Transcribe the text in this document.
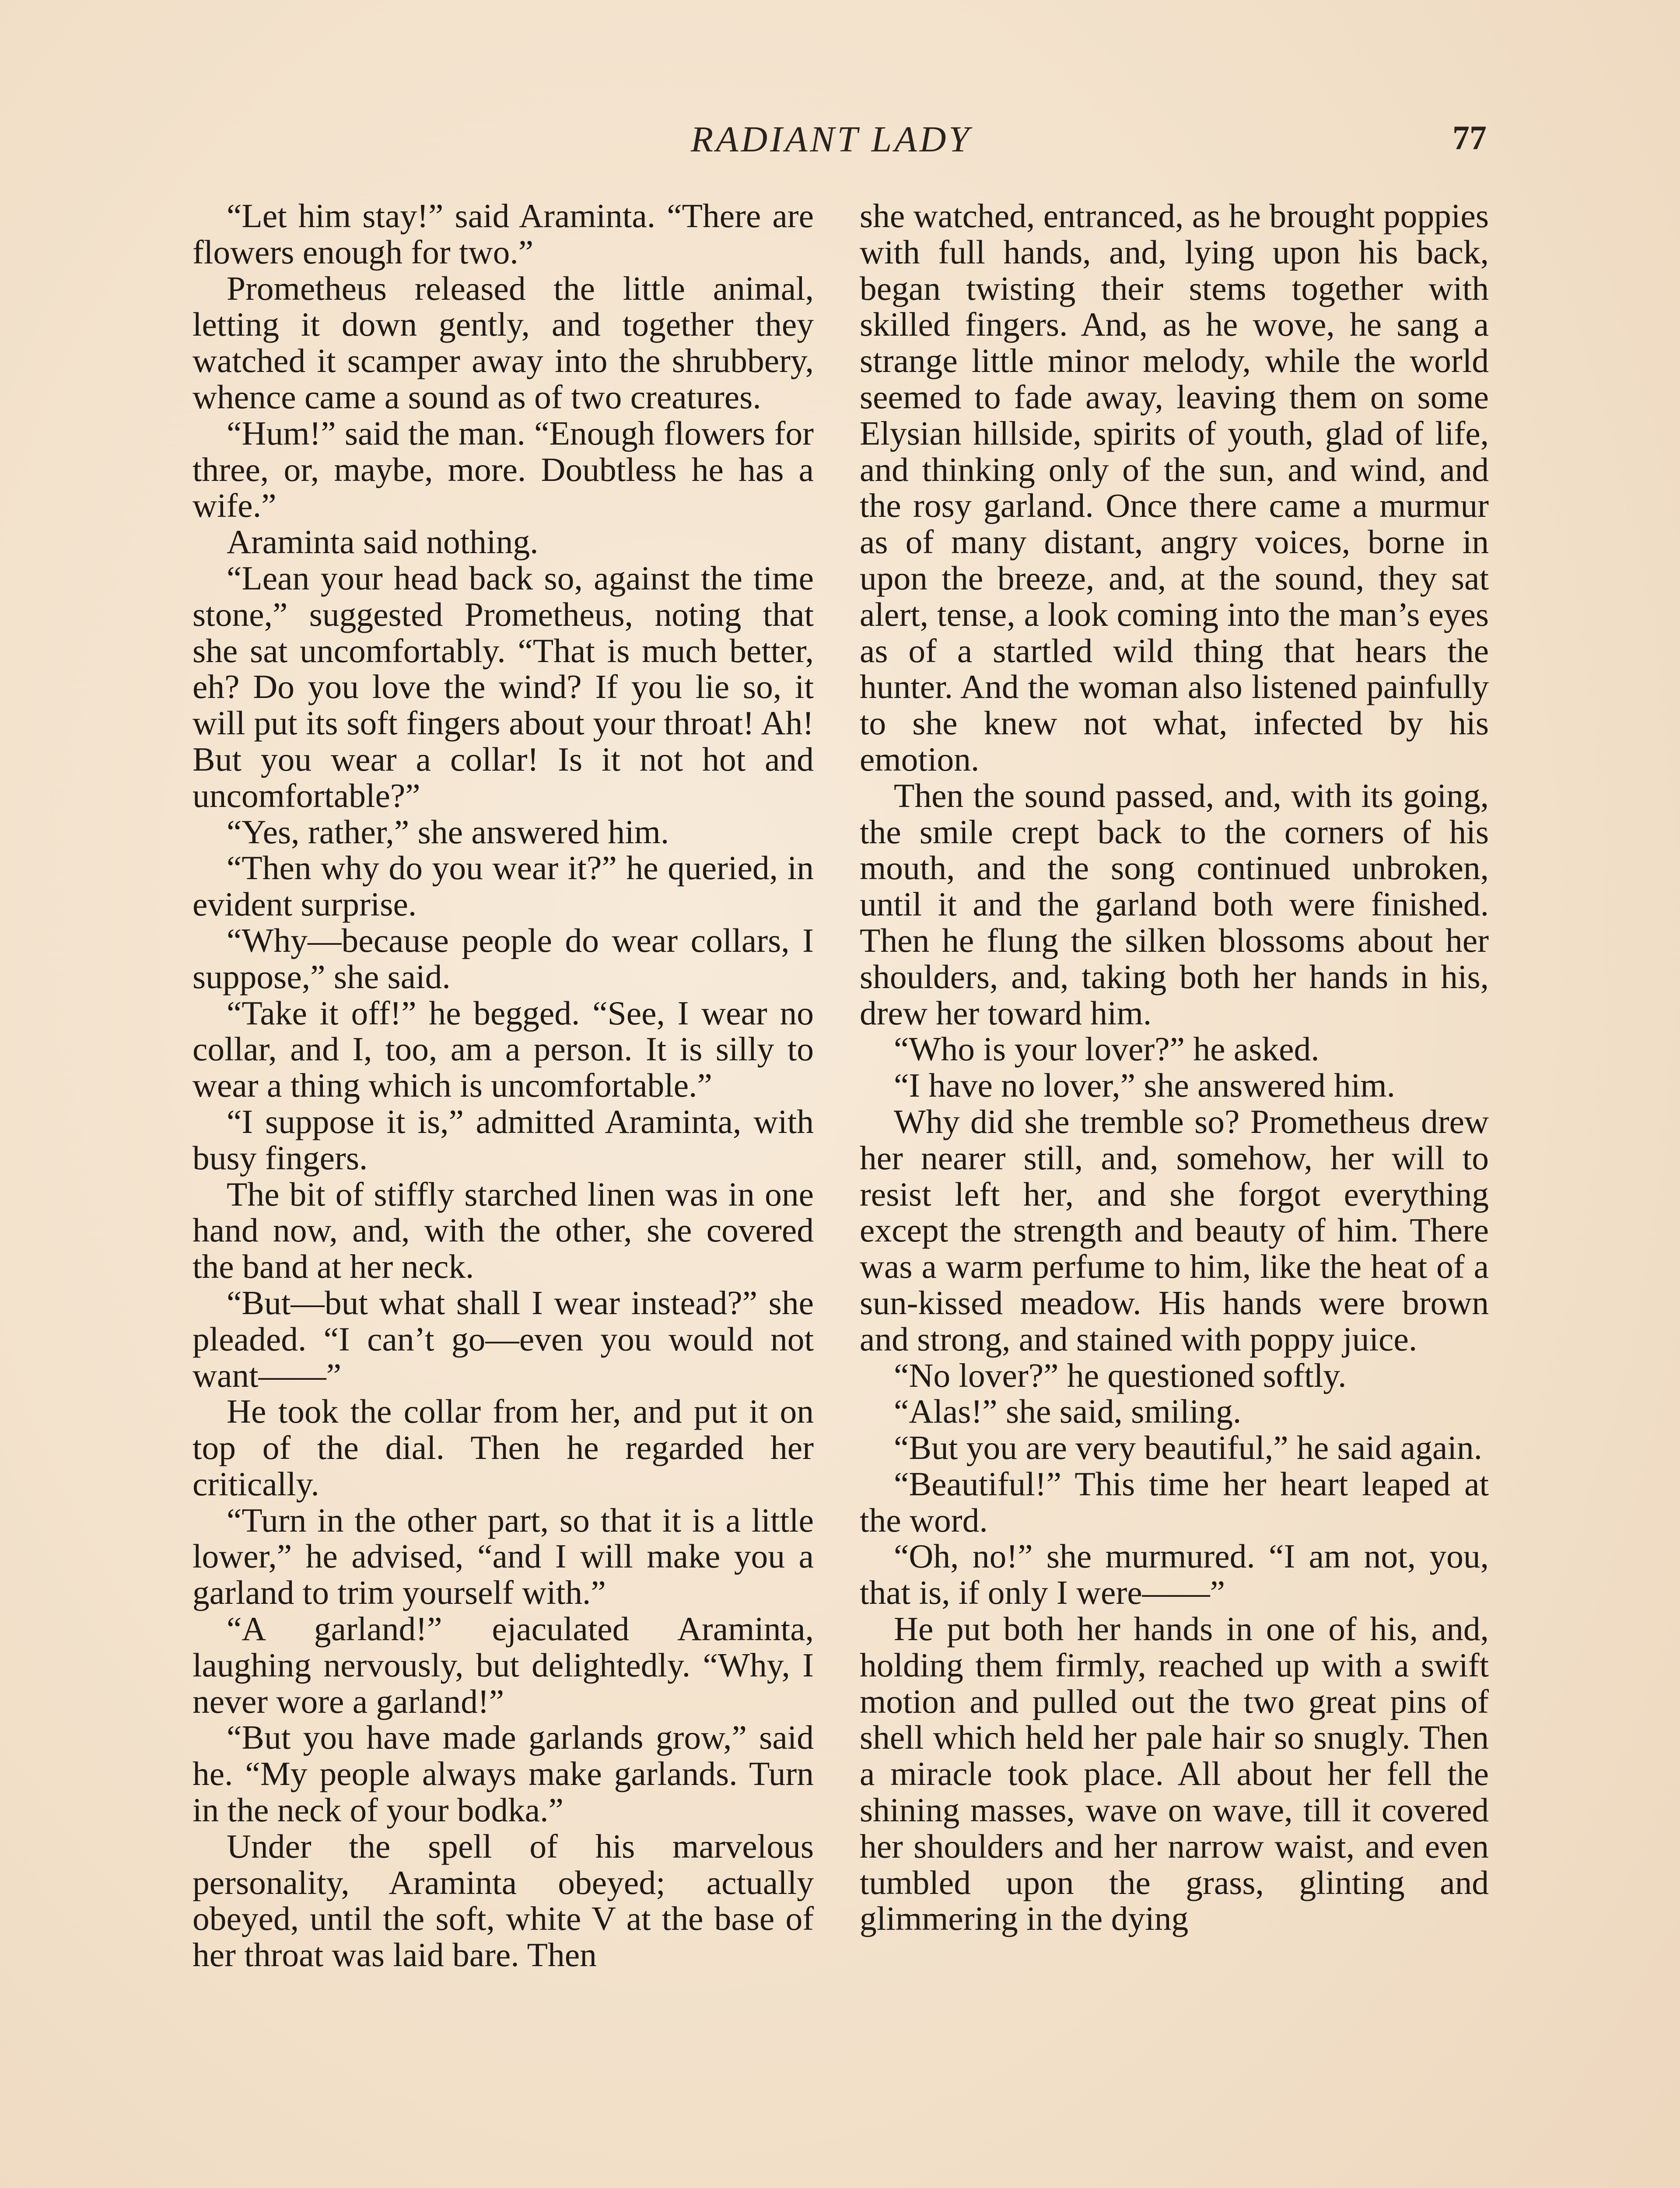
RADIANT LADY	77

“Let him stay!” said Araminta. “There are flowers enough for two.”

Prometheus released the little animal, letting it down gently, and together they watched it scamper away into the shrubbery, whence came a sound as of two creatures.

“Hum!” said the man. “Enough flowers for three, or, maybe, more. Doubtless he has a wife.”

Araminta said nothing.

“Lean your head back so, against the time stone,” suggested Prometheus, noting that she sat uncomfortably. “That is much better, eh? Do you love the wind? If you lie so, it will put its soft fingers about your throat! Ah! But you wear a collar! Is it not hot and uncomfortable?”

“Yes, rather,” she answered him.

“Then why do you wear it?” he queried, in evident surprise.

“Why—because people do wear collars, I suppose,” she said.

“Take it off!” he begged. “See, I wear no collar, and I, too, am a person. It is silly to wear a thing which is uncomfortable.”

“I suppose it is,” admitted Araminta, with busy fingers.

The bit of stiffly starched linen was in one hand now, and, with the other, she covered the band at her neck.

“But—but what shall I wear instead?” she pleaded. “I can’t go—even you would not want——”

He took the collar from her, and put it on top of the dial. Then he regarded her critically.

“Turn in the other part, so that it is a little lower,” he advised, “and I will make you a garland to trim yourself with.”

“A garland!” ejaculated Araminta, laughing nervously, but delightedly. “Why, I never wore a garland!”

“But you have made garlands grow,” said he. “My people always make garlands. Turn in the neck of your bodka.”

Under the spell of his marvelous personality, Araminta obeyed; actually obeyed, until the soft, white V at the base of her throat was laid bare. Then

she watched, entranced, as he brought poppies with full hands, and, lying upon his back, began twisting their stems together with skilled fingers. And, as he wove, he sang a strange little minor melody, while the world seemed to fade away, leaving them on some Elysian hillside, spirits of youth, glad of life, and thinking only of the sun, and wind, and the rosy garland. Once there came a murmur as of many distant, angry voices, borne in upon the breeze, and, at the sound, they sat alert, tense, a look coming into the man’s eyes as of a startled wild thing that hears the hunter. And the woman also listened painfully to she knew not what, infected by his emotion.

Then the sound passed, and, with its going, the smile crept back to the corners of his mouth, and the song continued unbroken, until it and the garland both were finished. Then he flung the silken blossoms about her shoulders, and, taking both her hands in his, drew her toward him.

“Who is your lover?” he asked.

“I have no lover,” she answered him.

Why did she tremble so? Prometheus drew her nearer still, and, somehow, her will to resist left her, and she forgot everything except the strength and beauty of him. There was a warm perfume to him, like the heat of a sun-kissed meadow. His hands were brown and strong, and stained with poppy juice.

“No lover?” he questioned softly.

“Alas!” she said, smiling.

“But you are very beautiful,” he said again.

“Beautiful!” This time her heart leaped at the word.

“Oh, no!” she murmured. “I am not, you, that is, if only I were——”

He put both her hands in one of his, and, holding them firmly, reached up with a swift motion and pulled out the two great pins of shell which held her pale hair so snugly. Then a miracle took place. All about her fell the shining masses, wave on wave, till it covered her shoulders and her narrow waist, and even tumbled upon the grass, glinting and glimmering in the dying
